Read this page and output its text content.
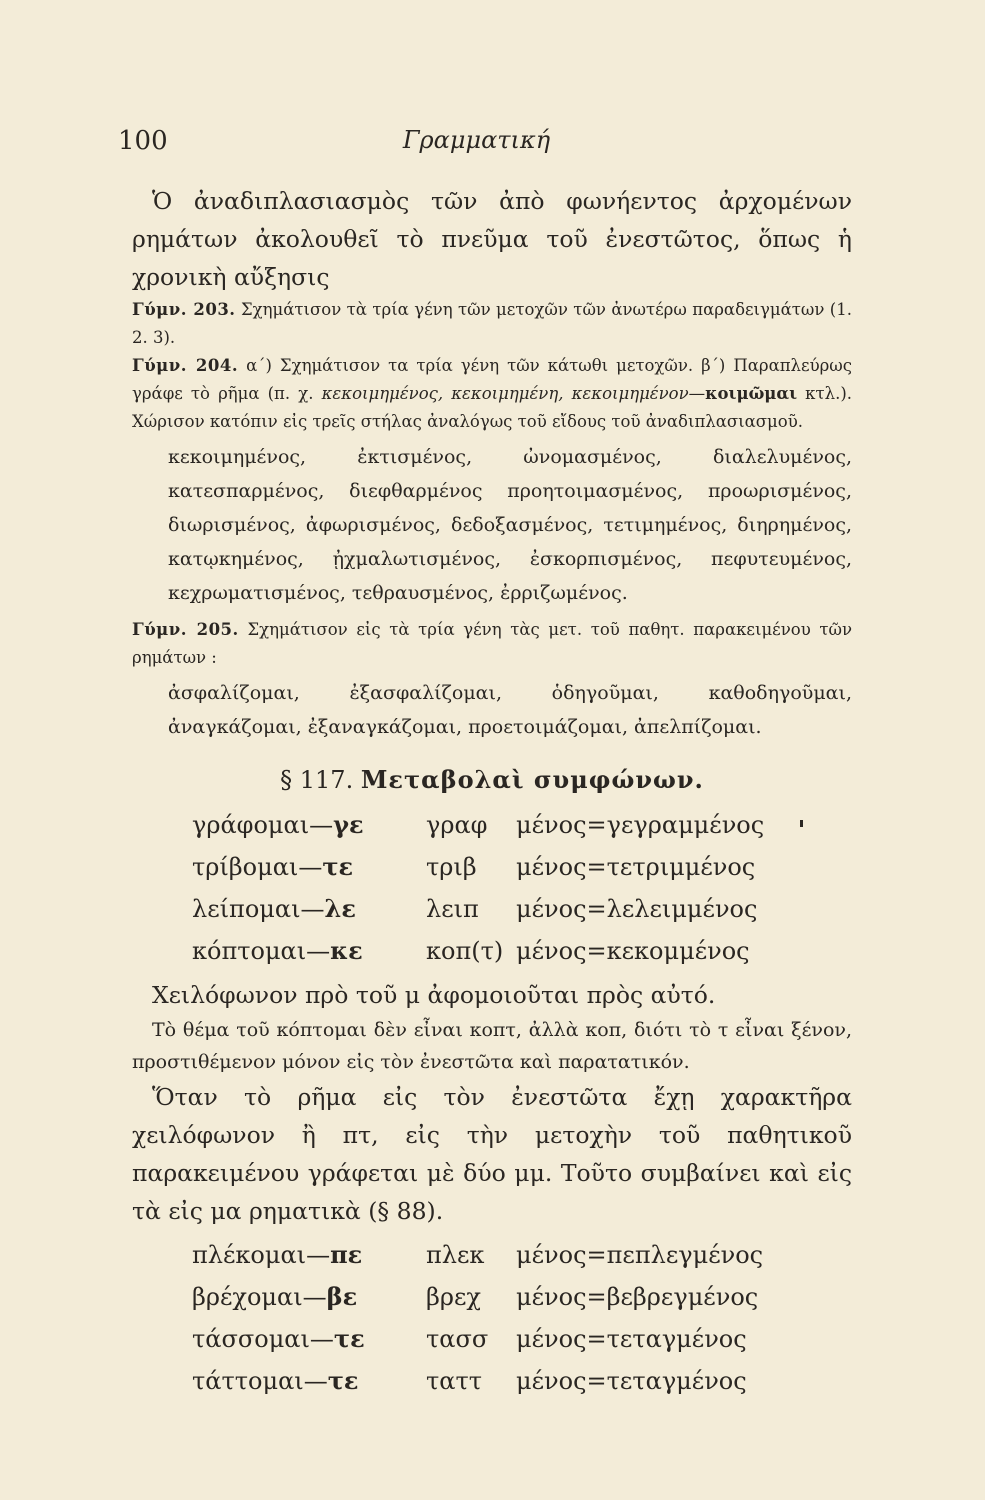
100	Γραμματική

Ὁ ἀναδιπλασιασμὸς τῶν ἀπὸ φωνήεντος ἀρχομένων ρημάτων ἀκολουθεῖ τὸ πνεῦμα τοῦ ἐνεστῶτος, ὅπως ἡ χρονικὴ αὔξησις

Γύμν. 203. Σχημάτισον τὰ τρία γένη τῶν μετοχῶν τῶν ἀνωτέρω παραδειγμάτων (1. 2. 3).

Γύμν. 204. α΄) Σχημάτισον τα τρία γένη τῶν κάτωθι μετοχῶν. β΄) Παραπλεύρως γράφε τὸ ρῆμα (π. χ. κεκοιμημένος, κεκοιμημένη, κεκοιμημένον—κοιμῶμαι κτλ.). Χώρισον κατόπιν εἰς τρεῖς στήλας ἀναλόγως τοῦ εἴδους τοῦ ἀναδιπλασιασμοῦ.

κεκοιμημένος, ἐκτισμένος, ὠνομασμένος, διαλελυμένος, κατεσπαρμένος, διεφθαρμένος προητοιμασμένος, προωρισμένος, διωρισμένος, ἀφωρισμένος, δεδοξασμένος, τετιμημένος, διηρημένος, κατῳκημένος, ᾐχμαλωτισμένος, ἐσκορπισμένος, πεφυτευμένος, κεχρωματισμένος, τεθραυσμένος, ἐρριζωμένος.

Γύμν. 205. Σχημάτισον εἰς τὰ τρία γένη τὰς μετ. τοῦ παθητ. παρακειμένου τῶν ρημάτων :

ἀσφαλίζομαι, ἐξασφαλίζομαι, ὁδηγοῦμαι, καθοδηγοῦμαι, ἀναγκάζομαι, ἐξαναγκάζομαι, προετοιμάζομαι, ἀπελπίζομαι.

§ 117. Μεταβολαὶ συμφώνων.
γράφομαι—γε	γραφ μένος=γεγραμμένος
τρίβομαι—τε	τριβ μένος=τετριμμένος
λείπομαι—λε	λειπ μένος=λελειμμένος
κόπτομαι—κε	κοπ(τ) μένος=κεκομμένος

Χειλόφωνον πρὸ τοῦ μ ἀφομοιοῦται πρὸς αὐτό.

Τὸ θέμα τοῦ κόπτομαι δὲν εἶναι κοπτ, ἀλλὰ κοπ, διότι τὸ τ εἶναι ξένον, προστιθέμενον μόνον εἰς τὸν ἐνεστῶτα καὶ παρατατικόν.

Ὅταν τὸ ρῆμα εἰς τὸν ἐνεστῶτα ἔχῃ χαρακτῆρα χειλόφωνον ἢ πτ, εἰς τὴν μετοχὴν τοῦ παθητικοῦ παρακειμένου γράφεται μὲ δύο μμ. Τοῦτο συμβαίνει καὶ εἰς τὰ εἰς μα ρηματικὰ (§ 88).

πλέκομαι—πε	πλεκ μένος=πεπλεγμένος
βρέχομαι—βε	βρεχ μένος=βεβρεγμένος
τάσσομαι—τε	τασσ μένος=τεταγμένος
τάττομαι—τε	ταττ μένος=τεταγμένος
